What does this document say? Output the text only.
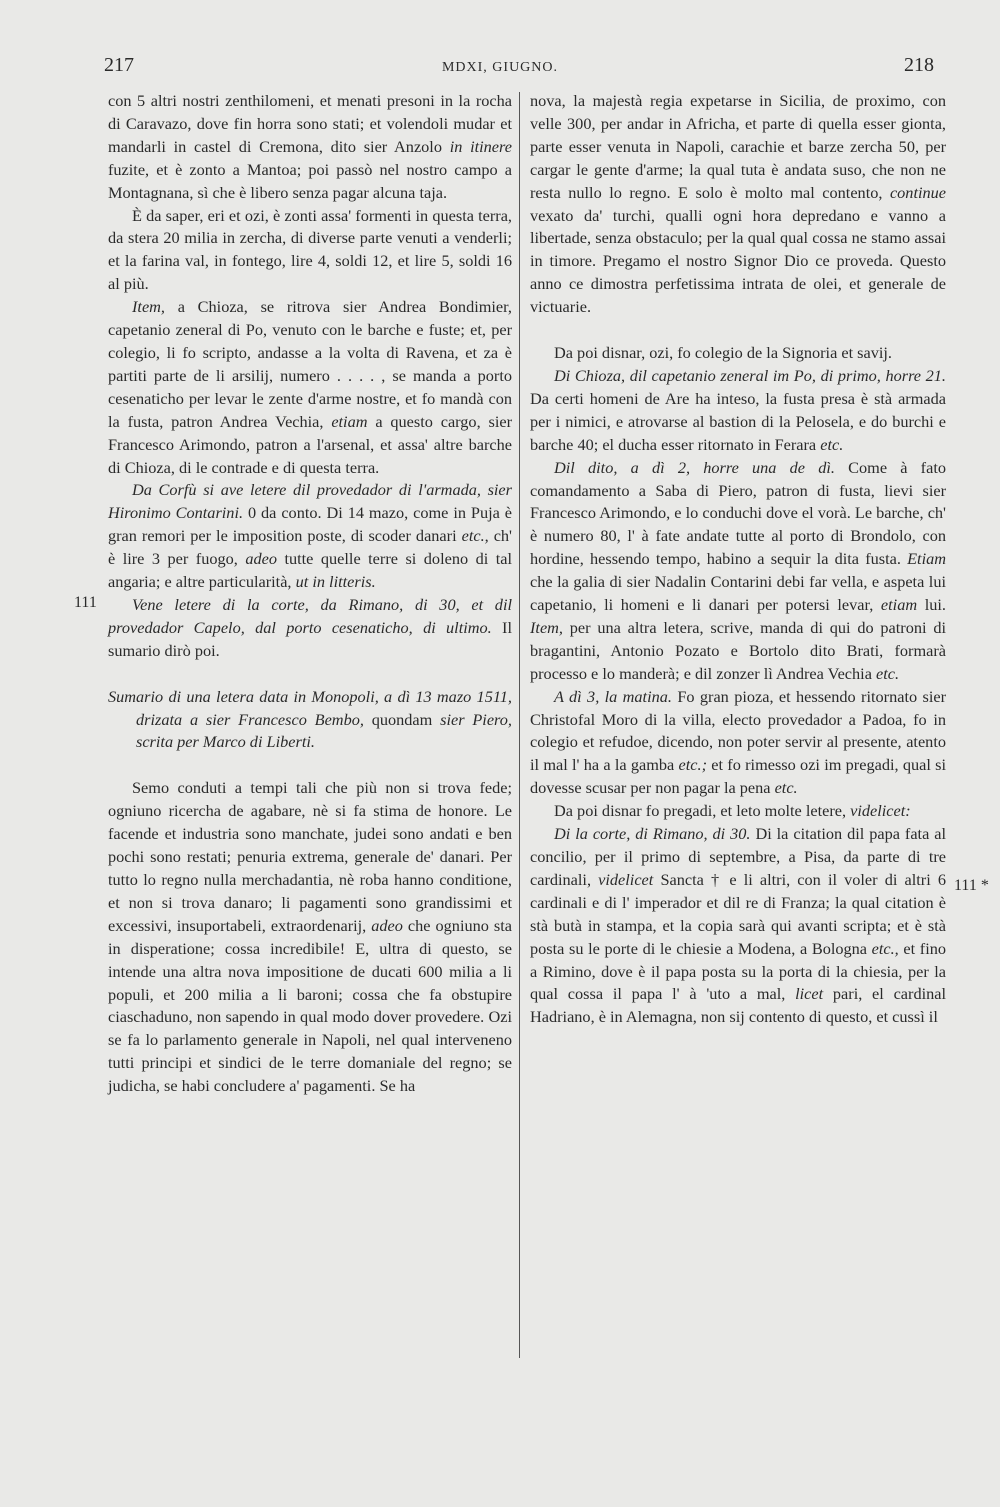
217	MDXI, GIUGNO.	218
111
111 *

con 5 altri nostri zenthilomeni, et menati presoni in la rocha di Caravazo, dove fin horra sono stati; et volendoli mudar et mandarli in castel di Cremona, dito sier Anzolo in itinere fuzite, et è zonto a Mantoa; poi passò nel nostro campo a Montagnana, sì che è libero senza pagar alcuna taja.

È da saper, eri et ozi, è zonti assa' formenti in questa terra, da stera 20 milia in zercha, di diverse parte venuti a venderli; et la farina val, in fontego, lire 4, soldi 12, et lire 5, soldi 16 al più.

Item, a Chioza, se ritrova sier Andrea Bondimier, capetanio zeneral di Po, venuto con le barche e fuste; et, per colegio, li fo scripto, andasse a la volta di Ravena, et za è partiti parte de li arsilij, numero . . . . , se manda a porto cesenaticho per levar le zente d'arme nostre, et fo mandà con la fusta, patron Andrea Vechia, etiam a questo cargo, sier Francesco Arimondo, patron a l'arsenal, et assa' altre barche di Chioza, di le contrade e di questa terra.

Da Corfù si ave letere dil provedador di l'armada, sier Hironimo Contarini. 0 da conto. Di 14 mazo, come in Puja è gran remori per le imposition poste, di scoder danari etc., ch' è lire 3 per fuogo, adeo tutte quelle terre si doleno di tal angaria; e altre particularità, ut in litteris.

Vene letere di la corte, da Rimano, di 30, et dil provedador Capelo, dal porto cesenaticho, di ultimo. Il sumario dirò poi.

Sumario di una letera data in Monopoli, a dì 13 mazo 1511, drizata a sier Francesco Bembo, quondam sier Piero, scrita per Marco di Liberti.

Semo conduti a tempi tali che più non si trova fede; ogniuno ricercha de agabare, nè si fa stima de honore. Le facende et industria sono manchate, judei sono andati e ben pochi sono restati; penuria extrema, generale de' danari. Per tutto lo regno nulla merchadantia, nè roba hanno conditione, et non si trova danaro; li pagamenti sono grandissimi et excessivi, insuportabeli, extraordenarij, adeo che ogniuno sta in disperatione; cossa incredibile! E, ultra di questo, se intende una altra nova impositione de ducati 600 milia a li populi, et 200 milia a li baroni; cossa che fa obstupire ciaschaduno, non sapendo in qual modo dover provedere. Ozi se fa lo parlamento generale in Napoli, nel qual interveneno tutti principi et sindici de le terre domaniale del regno; se judicha, se habi concludere a' pagamenti. Se ha

nova, la majestà regia expetarse in Sicilia, de proximo, con velle 300, per andar in Africha, et parte di quella esser gionta, parte esser venuta in Napoli, carachie et barze zercha 50, per cargar le gente d'arme; la qual tuta è andata suso, che non ne resta nullo lo regno. E solo è molto mal contento, continue vexato da' turchi, qualli ogni hora depredano e vanno a libertade, senza obstaculo; per la qual qual cossa ne stamo assai in timore. Pregamo el nostro Signor Dio ce proveda. Questo anno ce dimostra perfetissima intrata de olei, et generale de victuarie.

Da poi disnar, ozi, fo colegio de la Signoria et savij.

Di Chioza, dil capetanio zeneral im Po, di primo, horre 21. Da certi homeni de Are ha inteso, la fusta presa è stà armada per i nimici, e atrovarse al bastion di la Pelosela, e do burchi e barche 40; el ducha esser ritornato in Ferara etc.

Dil dito, a dì 2, horre una de dì. Come à fato comandamento a Saba di Piero, patron di fusta, lievi sier Francesco Arimondo, e lo conduchi dove el vorà. Le barche, ch' è numero 80, l' à fate andate tutte al porto di Brondolo, con hordine, hessendo tempo, habino a sequir la dita fusta. Etiam che la galia di sier Nadalin Contarini debi far vella, e aspeta lui capetanio, li homeni e li danari per potersi levar, etiam lui. Item, per una altra letera, scrive, manda di qui do patroni di bragantini, Antonio Pozato e Bortolo dito Brati, formarà processo e lo manderà; e dil zonzer lì Andrea Vechia etc.

A dì 3, la matina. Fo gran pioza, et hessendo ritornato sier Christofal Moro di la villa, electo provedador a Padoa, fo in colegio et refudoe, dicendo, non poter servir al presente, atento il mal l' ha a la gamba etc.; et fo rimesso ozi im pregadi, qual si dovesse scusar per non pagar la pena etc.

Da poi disnar fo pregadi, et leto molte letere, videlicet:

Di la corte, di Rimano, di 30. Di la citation dil papa fata al concilio, per il primo di septembre, a Pisa, da parte di tre cardinali, videlicet Sancta † e li altri, con il voler di altri 6 cardinali e di l' imperador et dil re di Franza; la qual citation è stà butà in stampa, et la copia sarà qui avanti scripta; et è stà posta su le porte di le chiesie a Modena, a Bologna etc., et fino a Rimino, dove è il papa posta su la porta di la chiesia, per la qual cossa il papa l' à 'uto a mal, licet pari, el cardinal Hadriano, è in Alemagna, non sij contento di questo, et cussì il
